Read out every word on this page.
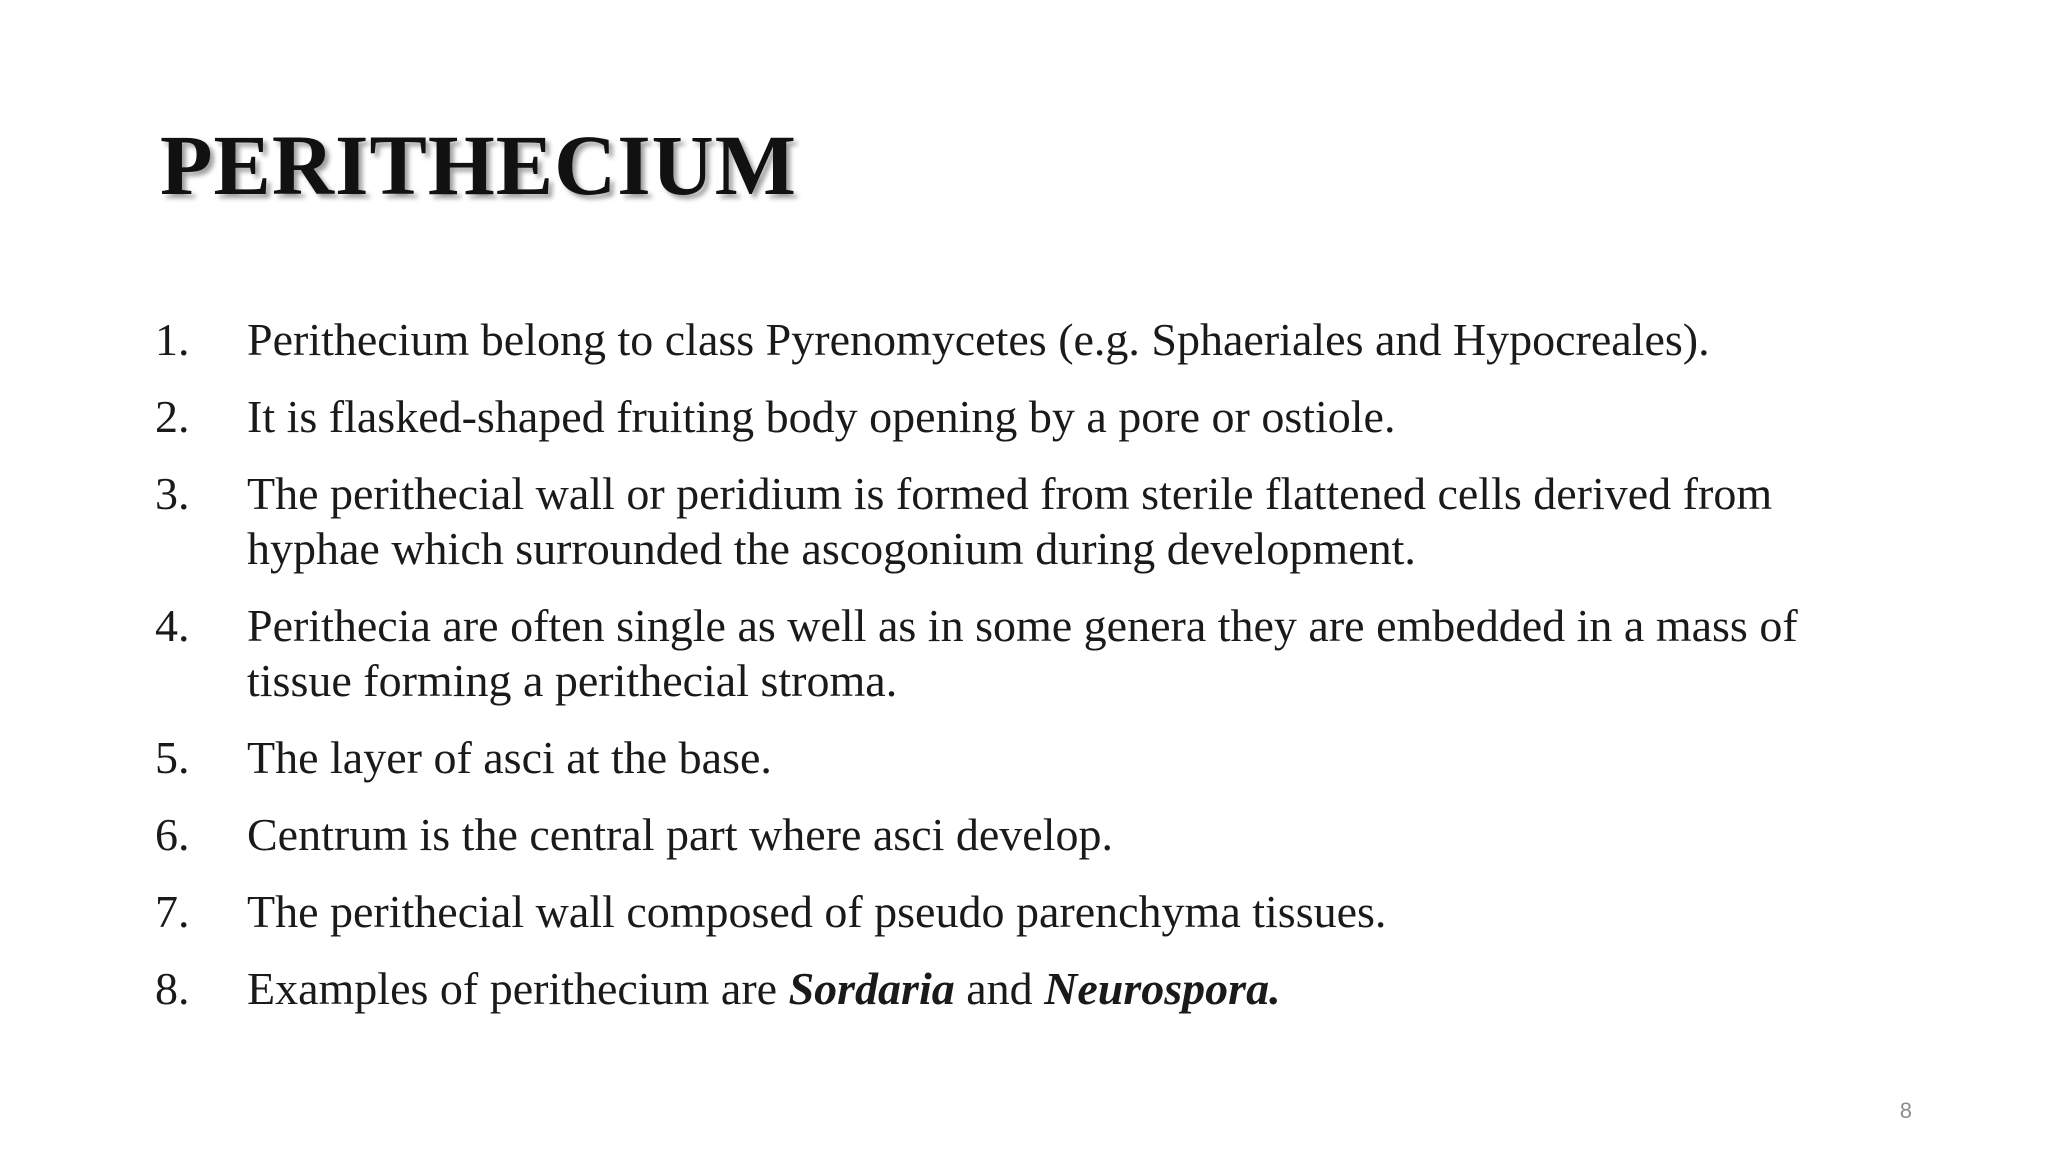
PERITHECIUM
1.	Perithecium belong to class Pyrenomycetes (e.g. Sphaeriales and Hypocreales).
2.	It is flasked-shaped fruiting body opening by a pore or ostiole.
3.	The perithecial wall or peridium is formed from sterile flattened cells derived from hyphae which surrounded the ascogonium during development.
4.	Perithecia are often single as well as in some genera they are embedded in a mass of tissue forming a perithecial stroma.
5.	The layer of asci at the base.
6.	Centrum is the central part where asci develop.
7.	The perithecial wall composed of pseudo parenchyma tissues.
8.	Examples of perithecium are Sordaria and Neurospora.
8
